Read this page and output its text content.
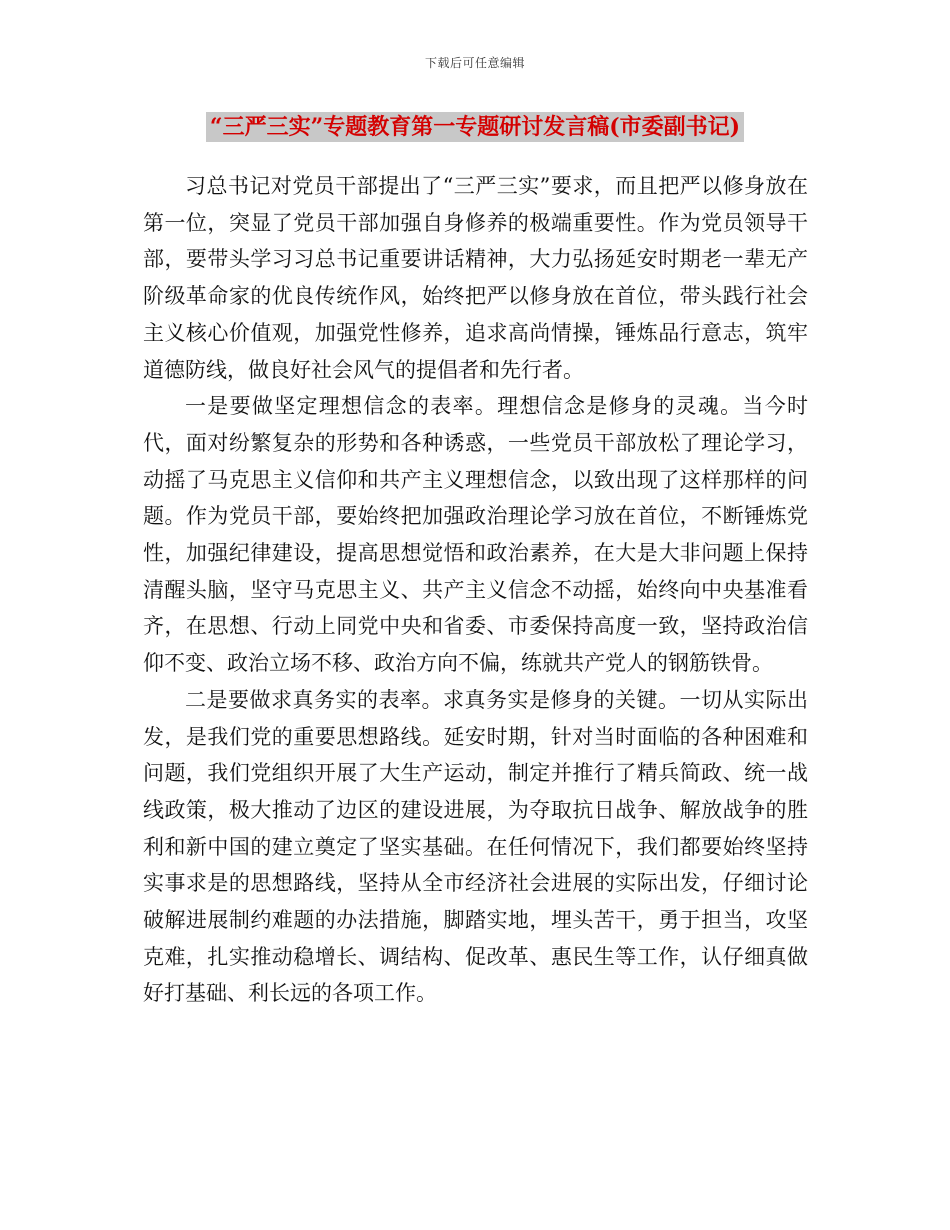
下载后可任意编辑
“三严三实”专题教育第一专题研讨发言稿(市委副书记)

习总书记对党员干部提出了“三严三实”要求，而且把严以修身放在第一位，突显了党员干部加强自身修养的极端重要性。作为党员领导干部，要带头学习习总书记重要讲话精神，大力弘扬延安时期老一辈无产阶级革命家的优良传统作风，始终把严以修身放在首位，带头践行社会主义核心价值观，加强党性修养，追求高尚情操，锤炼品行意志，筑牢道德防线，做良好社会风气的提倡者和先行者。

一是要做坚定理想信念的表率。理想信念是修身的灵魂。当今时代，面对纷繁复杂的形势和各种诱惑，一些党员干部放松了理论学习，动摇了马克思主义信仰和共产主义理想信念，以致出现了这样那样的问题。作为党员干部，要始终把加强政治理论学习放在首位，不断锤炼党性，加强纪律建设，提高思想觉悟和政治素养，在大是大非问题上保持清醒头脑，坚守马克思主义、共产主义信念不动摇，始终向中央基准看齐，在思想、行动上同党中央和省委、市委保持高度一致，坚持政治信仰不变、政治立场不移、政治方向不偏，练就共产党人的钢筋铁骨。

二是要做求真务实的表率。求真务实是修身的关键。一切从实际出发，是我们党的重要思想路线。延安时期，针对当时面临的各种困难和问题，我们党组织开展了大生产运动，制定并推行了精兵简政、统一战线政策，极大推动了边区的建设进展，为夺取抗日战争、解放战争的胜利和新中国的建立奠定了坚实基础。在任何情况下，我们都要始终坚持实事求是的思想路线，坚持从全市经济社会进展的实际出发，仔细讨论破解进展制约难题的办法措施，脚踏实地，埋头苦干，勇于担当，攻坚克难，扎实推动稳增长、调结构、促改革、惠民生等工作，认仔细真做好打基础、利长远的各项工作。
